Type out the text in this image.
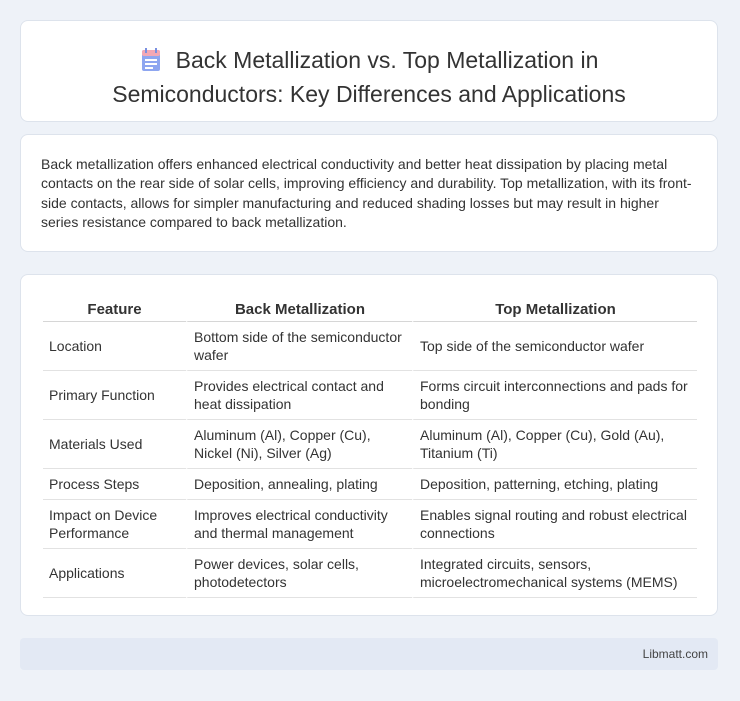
Back Metallization vs. Top Metallization in
Semiconductors: Key Differences and Applications

Back metallization offers enhanced electrical conductivity and better heat dissipation by placing metal contacts on the rear side of solar cells, improving efficiency and durability. Top metallization, with its front-side contacts, allows for simpler manufacturing and reduced shading losses but may result in higher series resistance compared to back metallization.

Feature	Back Metallization	Top Metallization
Location	Bottom side of the semiconductor wafer	Top side of the semiconductor wafer
Primary Function	Provides electrical contact and heat dissipation	Forms circuit interconnections and pads for bonding
Materials Used	Aluminum (Al), Copper (Cu), Nickel (Ni), Silver (Ag)	Aluminum (Al), Copper (Cu), Gold (Au), Titanium (Ti)
Process Steps	Deposition, annealing, plating	Deposition, patterning, etching, plating
Impact on Device Performance	Improves electrical conductivity and thermal management	Enables signal routing and robust electrical connections
Applications	Power devices, solar cells, photodetectors	Integrated circuits, sensors, microelectromechanical systems (MEMS)
Libmatt.com
